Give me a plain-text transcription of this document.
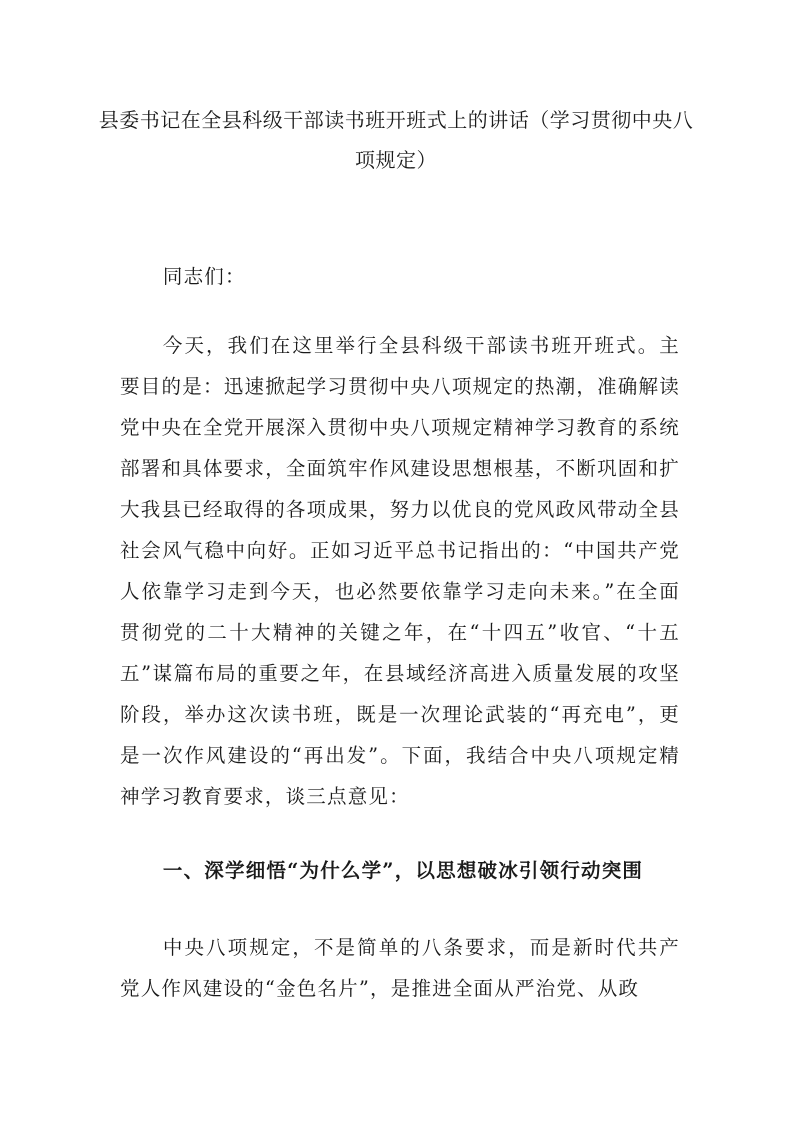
县委书记在全县科级干部读书班开班式上的讲话（学习贯彻中央八项规定）

同志们：

今天，我们在这里举行全县科级干部读书班开班式。主要目的是：迅速掀起学习贯彻中央八项规定的热潮，准确解读党中央在全党开展深入贯彻中央八项规定精神学习教育的系统部署和具体要求，全面筑牢作风建设思想根基，不断巩固和扩大我县已经取得的各项成果，努力以优良的党风政风带动全县社会风气稳中向好。正如习近平总书记指出的：“中国共产党人依靠学习走到今天，也必然要依靠学习走向未来。”在全面贯彻党的二十大精神的关键之年，在“十四五”收官、“十五五”谋篇布局的重要之年，在县域经济高进入质量发展的攻坚阶段，举办这次读书班，既是一次理论武装的“再充电”，更是一次作风建设的“再出发”。下面，我结合中央八项规定精神学习教育要求，谈三点意见：

一、深学细悟“为什么学”，以思想破冰引领行动突围

中央八项规定，不是简单的八条要求，而是新时代共产党人作风建设的“金色名片”，是推进全面从严治党、从政
